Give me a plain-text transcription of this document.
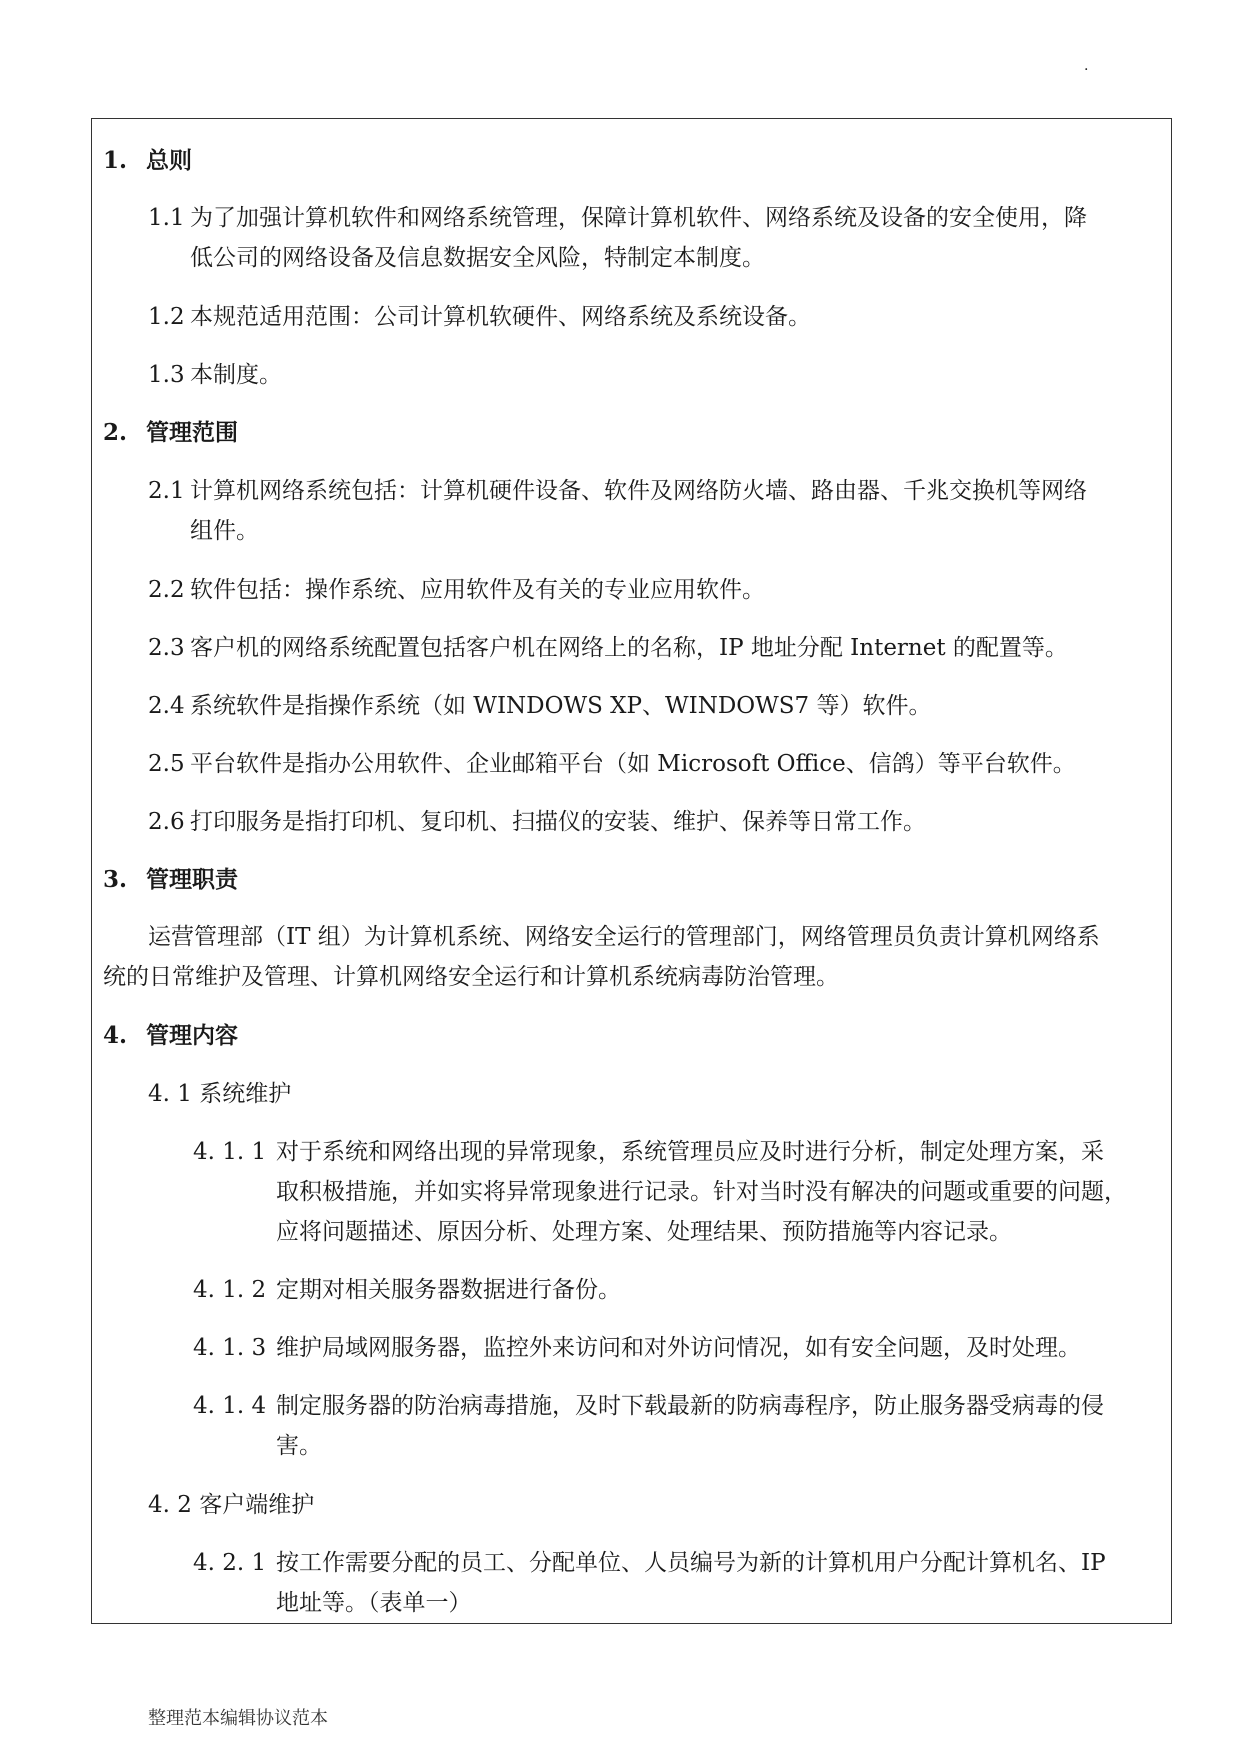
.
1. 总则
1.1 为了加强计算机软件和网络系统管理，保障计算机软件、网络系统及设备的安全使用，降
低公司的网络设备及信息数据安全风险，特制定本制度。
1.2 本规范适用范围：公司计算机软硬件、网络系统及系统设备。
1.3 本制度。
2. 管理范围
2.1 计算机网络系统包括：计算机硬件设备、软件及网络防火墙、路由器、千兆交换机等网络
组件。
2.2 软件包括：操作系统、应用软件及有关的专业应用软件。
2.3 客户机的网络系统配置包括客户机在网络上的名称，IP 地址分配 Internet 的配置等。
2.4 系统软件是指操作系统（如 WINDOWS XP、WINDOWS7 等）软件。
2.5 平台软件是指办公用软件、企业邮箱平台（如 Microsoft Office、信鸽）等平台软件。
2.6 打印服务是指打印机、复印机、扫描仪的安装、维护、保养等日常工作。
3. 管理职责
运营管理部（IT 组）为计算机系统、网络安全运行的管理部门，网络管理员负责计算机网络系
统的日常维护及管理、计算机网络安全运行和计算机系统病毒防治管理。
4. 管理内容
4. 1 系统维护
4. 1. 1 对于系统和网络出现的异常现象，系统管理员应及时进行分析，制定处理方案，采
取积极措施，并如实将异常现象进行记录。针对当时没有解决的问题或重要的问题，
应将问题描述、原因分析、处理方案、处理结果、预防措施等内容记录。
4. 1. 2 定期对相关服务器数据进行备份。
4. 1. 3 维护局域网服务器，监控外来访问和对外访问情况，如有安全问题，及时处理。
4. 1. 4 制定服务器的防治病毒措施，及时下载最新的防病毒程序，防止服务器受病毒的侵
害。
4. 2 客户端维护
4. 2. 1 按工作需要分配的员工、分配单位、人员编号为新的计算机用户分配计算机名、IP
地址等。（表单一）
整理范本编辑协议范本
